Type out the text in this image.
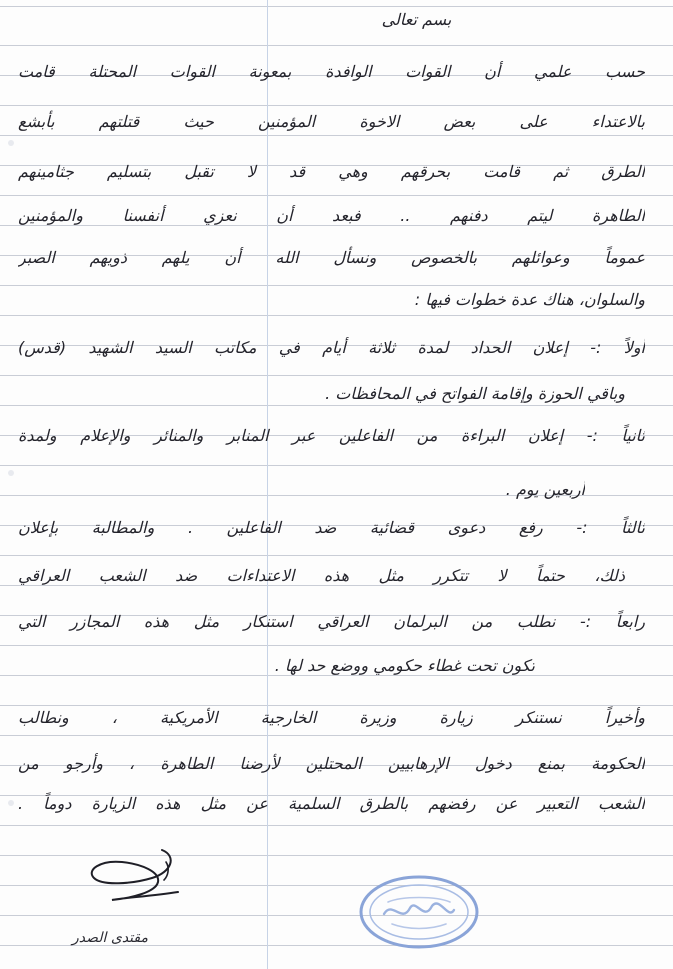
بسم تعالى
حسب علمي أن القوات الوافدة بمعونة القوات المحتلة قامت
بالاعتداء على بعض الاخوة المؤمنين حيث قتلتهم بأبشع
الطرق ثم قامت بحرقهم وهي قد لا تقبل بتسليم جثامينهم
الطاهرة ليتم دفنهم .. فبعد أن نعزي أنفسنا والمؤمنين
عموماً وعوائلهم بالخصوص ونسأل الله أن يلهم ذويهم الصبر
والسلوان، هناك عدة خطوات فيها :
أولاً :- إعلان الحداد لمدة ثلاثة أيام في مكاتب السيد الشهيد (قدس)
وباقي الحوزة وإقامة الفواتح في المحافظات .
ثانياً :- إعلان البراءة من الفاعلين عبر المنابر والمنائر والإعلام ولمدة
أربعين يوم .
ثالثاً :- رفع دعوى قضائية ضد الفاعلين . والمطالبة بإعلان
ذلك، حتماً لا تتكرر مثل هذه الاعتداءات ضد الشعب العراقي
رابعاً :- نطلب من البرلمان العراقي استنكار مثل هذه المجازر التي
تكون تحت غطاء حكومي ووضع حد لها .
وأخيراً نستنكر زيارة وزيرة الخارجية الأمريكية ، ونطالب
الحكومة بمنع دخول الإرهابيين المحتلين لأرضنا الطاهرة ، وأرجو من
الشعب التعبير عن رفضهم بالطرق السلمية عن مثل هذه الزيارة دوماً .
مقتدى الصدر
